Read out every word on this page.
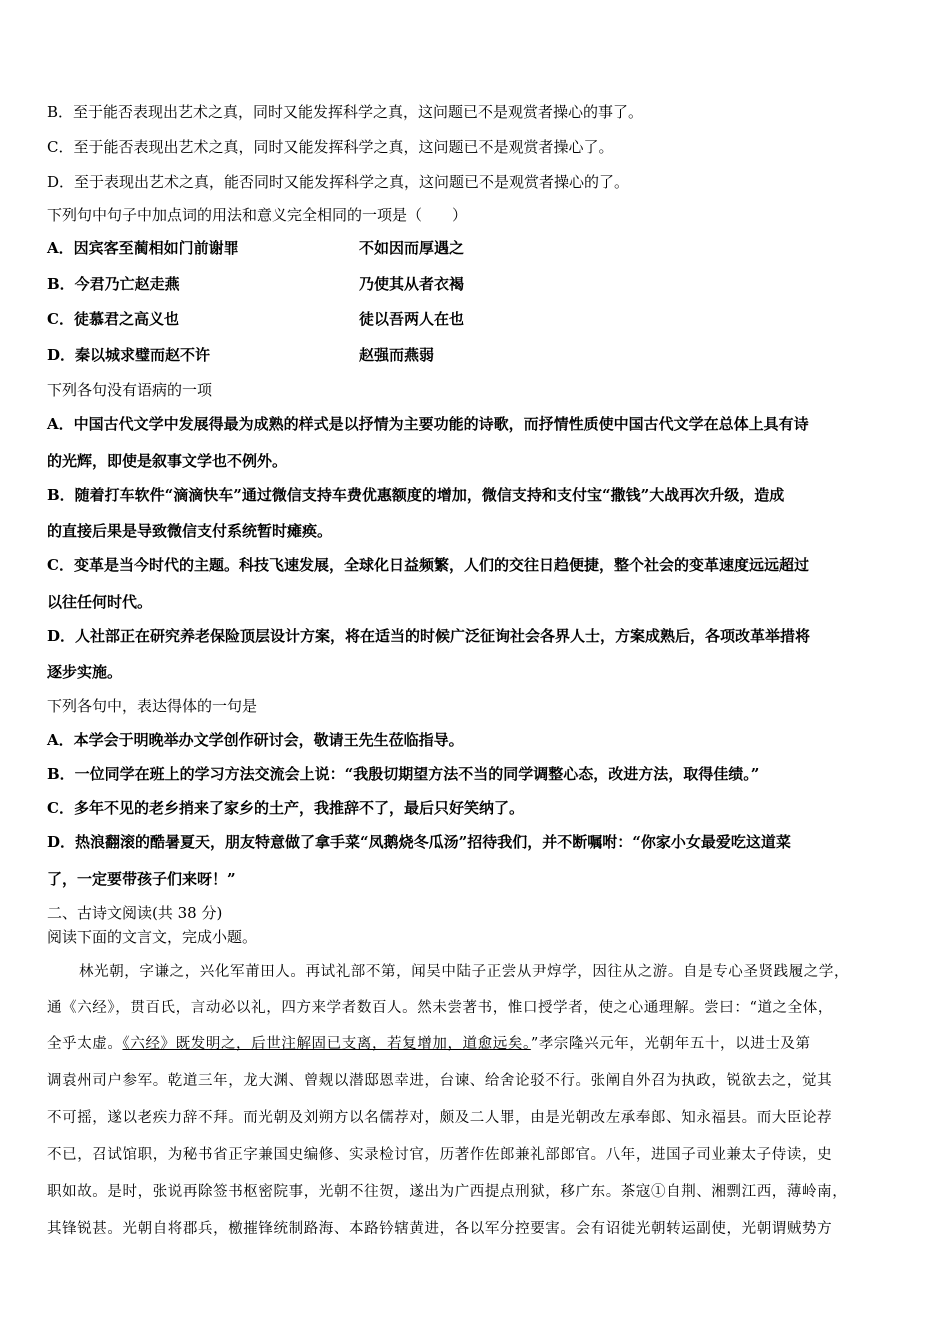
B．至于能否表现出艺术之真，同时又能发挥科学之真，这问题已不是观赏者操心的事了。
C．至于能否表现出艺术之真，同时又能发挥科学之真，这问题已不是观赏者操心了。
D．至于表现出艺术之真，能否同时又能发挥科学之真，这问题已不是观赏者操心的了。
下列句中句子中加点词的用法和意义完全相同的一项是（　　）
A．因宾客至蔺相如门前谢罪	不如因而厚遇之
B．今君乃亡赵走燕	乃使其从者衣褐
C．徒慕君之高义也	徒以吾两人在也
D．秦以城求璧而赵不许	赵强而燕弱
下列各句没有语病的一项
A．中国古代文学中发展得最为成熟的样式是以抒情为主要功能的诗歌，而抒情性质使中国古代文学在总体上具有诗
的光辉，即使是叙事文学也不例外。
B．随着打车软件“滴滴快车”通过微信支持车费优惠额度的增加，微信支持和支付宝“撒钱”大战再次升级，造成
的直接后果是导致微信支付系统暂时瘫痪。
C．变革是当今时代的主题。科技飞速发展，全球化日益频繁，人们的交往日趋便捷，整个社会的变革速度远远超过
以往任何时代。
D．人社部正在研究养老保险顶层设计方案，将在适当的时候广泛征询社会各界人士，方案成熟后，各项改革举措将
逐步实施。
下列各句中，表达得体的一句是
A．本学会于明晚举办文学创作研讨会，敬请王先生莅临指导。
B．一位同学在班上的学习方法交流会上说：“我殷切期望方法不当的同学调整心态，改进方法，取得佳绩。”
C．多年不见的老乡捎来了家乡的土产，我推辞不了，最后只好笑纳了。
D．热浪翻滚的酷暑夏天，朋友特意做了拿手菜“凤鹅烧冬瓜汤”招待我们，并不断嘱咐：“你家小女最爱吃这道菜
了，一定要带孩子们来呀！”
二、古诗文阅读(共 38 分)
阅读下面的文言文，完成小题。
林光朝，字谦之，兴化军莆田人。再试礼部不第，闻吴中陆子正尝从尹焞学，因往从之游。自是专心圣贤践履之学，
通《六经》，贯百氏，言动必以礼，四方来学者数百人。然未尝著书，惟口授学者，使之心通理解。尝曰：“道之全体，
全乎太虚。《六经》既发明之，后世注解固已支离，若复增加，道愈远矣。”孝宗隆兴元年，光朝年五十，以进士及第
调袁州司户参军。乾道三年，龙大渊、曾觌以潜邸恩幸进，台谏、给舍论驳不行。张阐自外召为执政，锐欲去之，觉其
不可摇，遂以老疾力辞不拜。而光朝及刘朔方以名儒荐对，颇及二人罪，由是光朝改左承奉郎、知永福县。而大臣论荐
不已，召试馆职，为秘书省正字兼国史编修、实录检讨官，历著作佐郎兼礼部郎官。八年，进国子司业兼太子侍读，史
职如故。是时，张说再除签书枢密院事，光朝不往贺，遂出为广西提点刑狱，移广东。茶寇①自荆、湘剽江西，薄岭南，
其锋锐甚。光朝自将郡兵，檄摧锋统制路海、本路钤辖黄进，各以军分控要害。会有诏徙光朝转运副使，光朝谓贼势方
